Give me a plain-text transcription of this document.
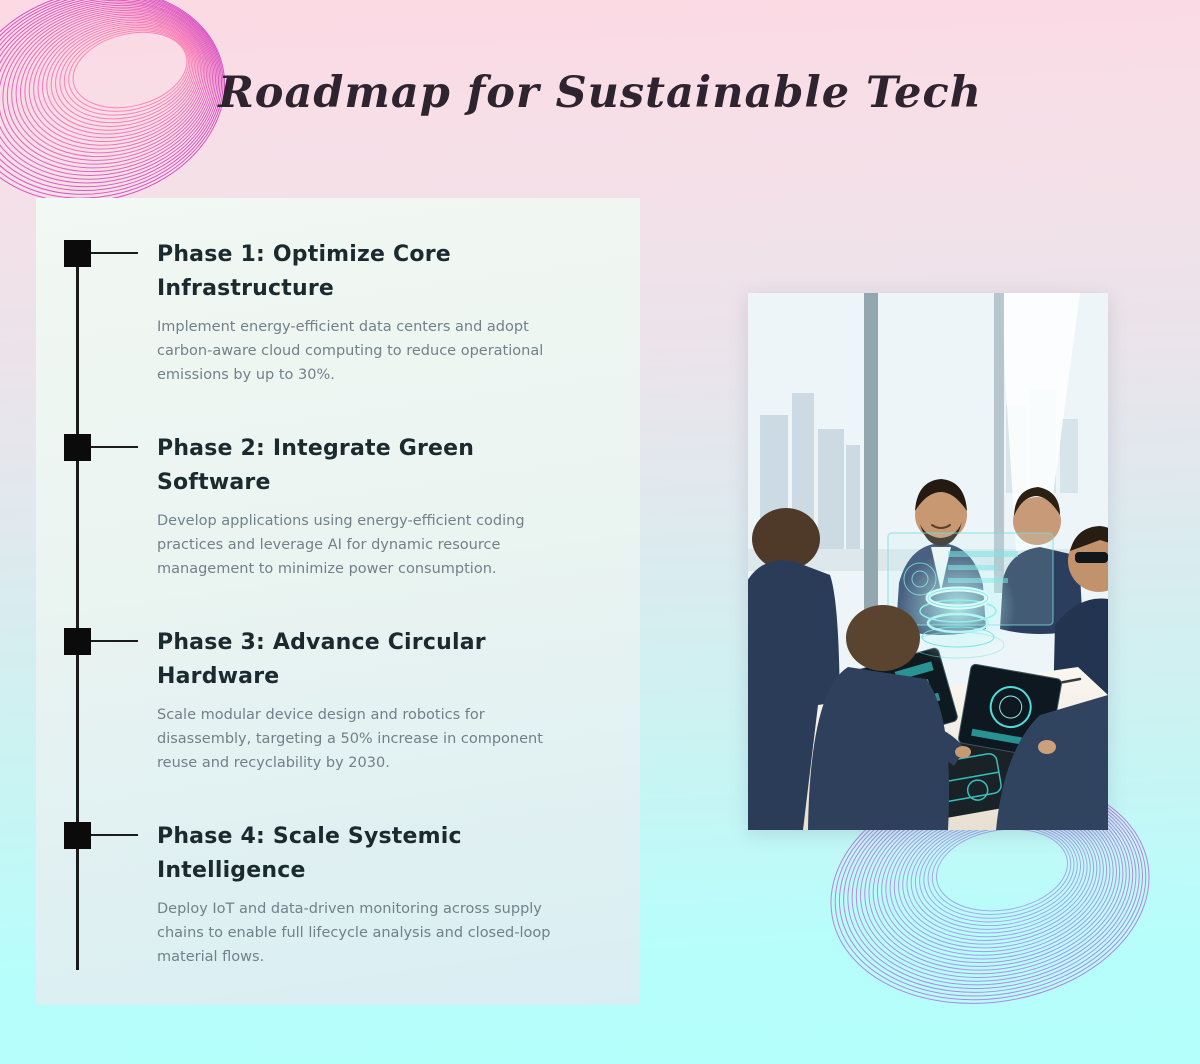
Roadmap for Sustainable Tech
Phase 1: Optimize Core Infrastructure
Implement energy-efficient data centers and adopt carbon-aware cloud computing to reduce operational emissions by up to 30%.
Phase 2: Integrate Green Software
Develop applications using energy-efficient coding practices and leverage AI for dynamic resource management to minimize power consumption.
Phase 3: Advance Circular Hardware
Scale modular device design and robotics for disassembly, targeting a 50% increase in component reuse and recyclability by 2030.
Phase 4: Scale Systemic Intelligence
Deploy IoT and data-driven monitoring across supply chains to enable full lifecycle analysis and closed-loop material flows.
